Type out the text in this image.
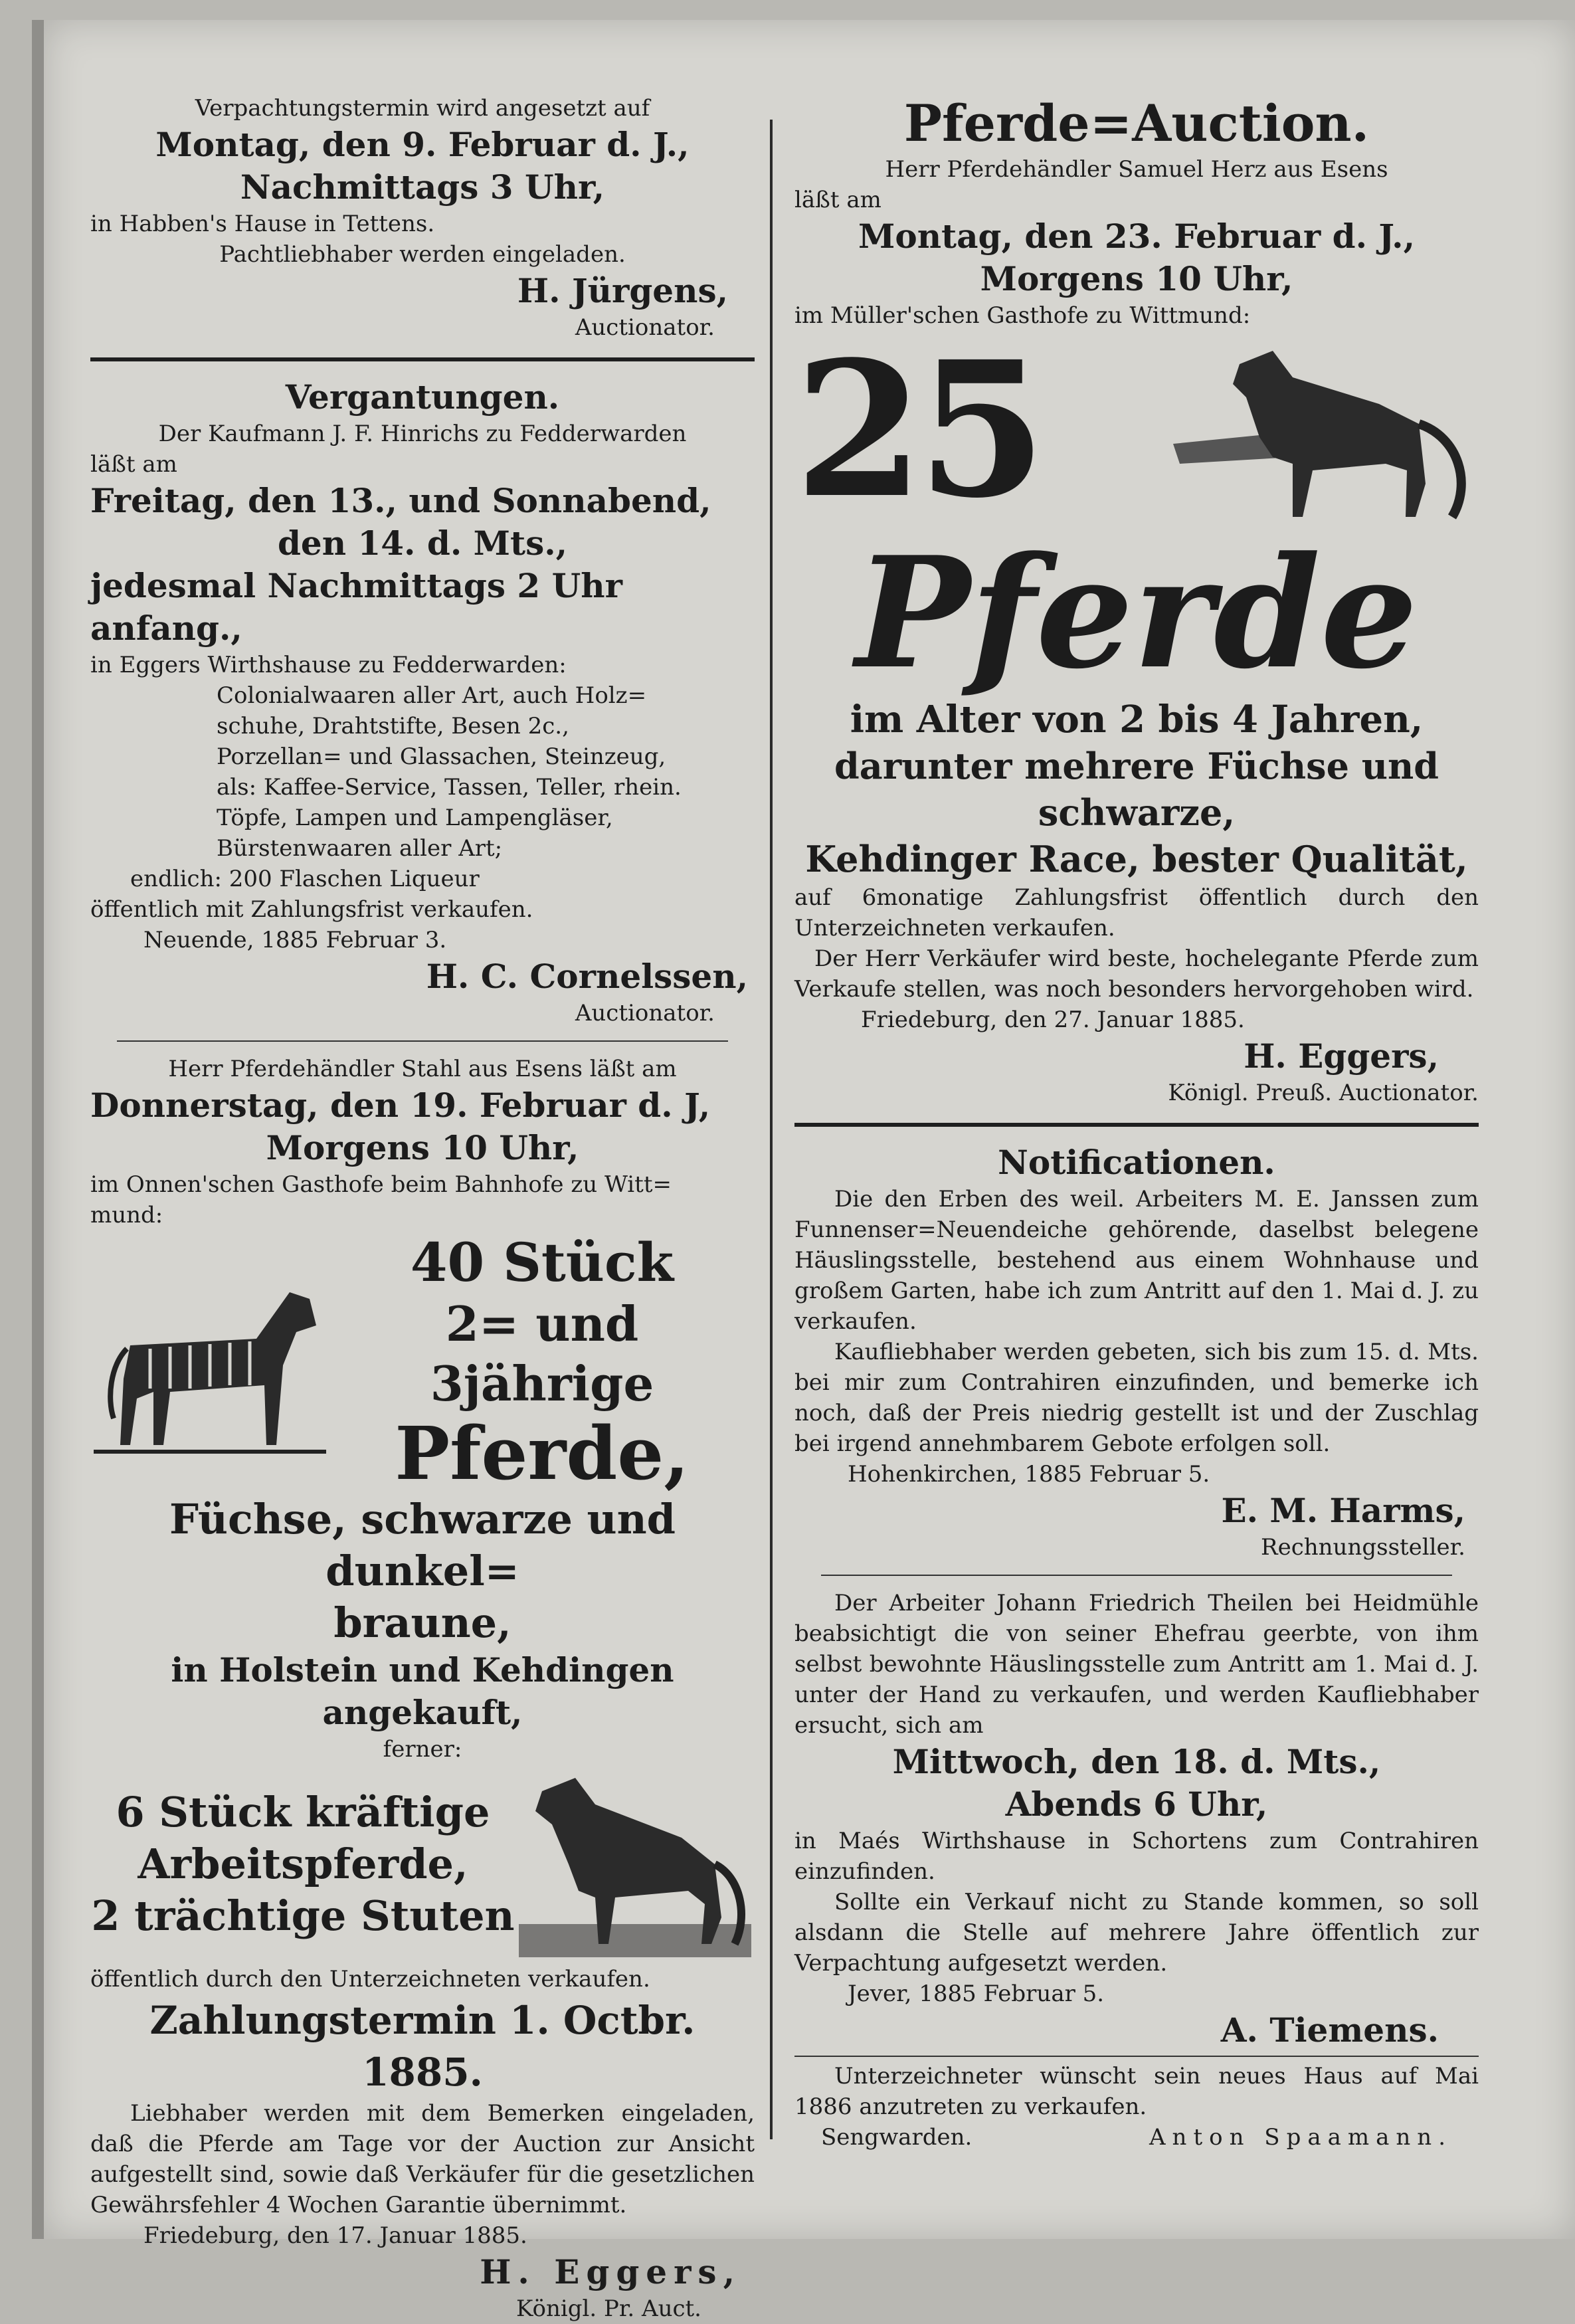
Verpachtungstermin wird angesetzt auf

Montag, den 9. Februar d. J.,

Nachmittags 3 Uhr,

in Habben's Hause in Tettens.

Pachtliebhaber werden eingeladen.

H. Jürgens,

Auctionator.

Vergantungen.

Der Kaufmann J. F. Hinrichs zu Fedderwarden

läßt am

Freitag, den 13., und Sonnabend,

den 14. d. Mts.,

jedesmal Nachmittags 2 Uhr anfang.,

in Eggers Wirthshause zu Fedderwarden:

Colonialwaaren aller Art, auch Holz=

schuhe, Drahtstifte, Besen 2c.,

Porzellan= und Glassachen, Steinzeug,

als: Kaffee-Service, Tassen, Teller, rhein.

Töpfe, Lampen und Lampengläser,

Bürstenwaaren aller Art;

endlich: 200 Flaschen Liqueur

öffentlich mit Zahlungsfrist verkaufen.

Neuende, 1885 Februar 3.

H. C. Cornelssen,

Auctionator.

Herr Pferdehändler Stahl aus Esens läßt am

Donnerstag, den 19. Februar d. J,

Morgens 10 Uhr,

im Onnen'schen Gasthofe beim Bahnhofe zu Witt=

mund:

40 Stück

2= und 3jährige

Pferde,

Füchse, schwarze und dunkel=

braune,

in Holstein und Kehdingen angekauft,

ferner:

6 Stück kräftige

Arbeitspferde,

2 trächtige Stuten

öffentlich durch den Unterzeichneten verkaufen.

Zahlungstermin 1. Octbr. 1885.

Liebhaber werden mit dem Bemerken eingeladen, daß die Pferde am Tage vor der Auction zur Ansicht aufgestellt sind, sowie daß Verkäufer für die gesetzlichen Gewährsfehler 4 Wochen Garantie übernimmt.

Friedeburg, den 17. Januar 1885.

H. Eggers,

Königl. Pr. Auct.

Pferde=Auction.

Herr Pferdehändler Samuel Herz aus Esens

läßt am

Montag, den 23. Februar d. J.,

Morgens 10 Uhr,

im Müller'schen Gasthofe zu Wittmund:

25

Pferde

im Alter von 2 bis 4 Jahren,

darunter mehrere Füchse und schwarze,

Kehdinger Race, bester Qualität,

auf 6monatige Zahlungsfrist öffentlich durch den Unterzeichneten verkaufen.

Der Herr Verkäufer wird beste, hochelegante Pferde zum Verkaufe stellen, was noch besonders hervorgehoben wird.

Friedeburg, den 27. Januar 1885.

H. Eggers,

Königl. Preuß. Auctionator.

Notificationen.

Die den Erben des weil. Arbeiters M. E. Janssen zum Funnenser=Neuendeiche gehörende, daselbst belegene Häuslingsstelle, bestehend aus einem Wohnhause und großem Garten, habe ich zum Antritt auf den 1. Mai d. J. zu verkaufen.

Kaufliebhaber werden gebeten, sich bis zum 15. d. Mts. bei mir zum Contrahiren einzufinden, und bemerke ich noch, daß der Preis niedrig gestellt ist und der Zuschlag bei irgend annehmbarem Gebote erfolgen soll.

Hohenkirchen, 1885 Februar 5.

E. M. Harms,

Rechnungssteller.

Der Arbeiter Johann Friedrich Theilen bei Heidmühle beabsichtigt die von seiner Ehefrau geerbte, von ihm selbst bewohnte Häuslingsstelle zum Antritt am 1. Mai d. J. unter der Hand zu verkaufen, und werden Kaufliebhaber ersucht, sich am

Mittwoch, den 18. d. Mts.,

Abends 6 Uhr,

in Maés Wirthshause in Schortens zum Contrahiren einzufinden.

Sollte ein Verkauf nicht zu Stande kommen, so soll alsdann die Stelle auf mehrere Jahre öffentlich zur Verpachtung aufgesetzt werden.

Jever, 1885 Februar 5.

A. Tiemens.

Unterzeichneter wünscht sein neues Haus auf Mai 1886 anzutreten zu verkaufen.

Sengwarden.	Anton Spaamann.
